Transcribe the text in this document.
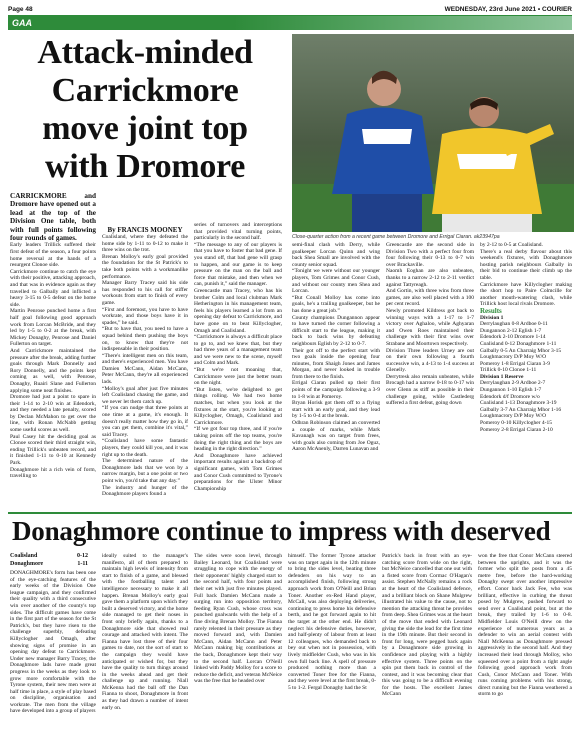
Page 48	WEDNESDAY, 23rd June 2021 • COURIER
GAA
Attack-minded Carrickmore move joint top with Dromore
Close-quarter action from a recent game between Dromore and Errigal Ciaran. ak23947pa

CARRICKMORE and Dromore have opened out a lead at the top of the Division One table, both with full points following four rounds of games.

Early leaders Trillick suffered their first defeat of the season, a four points home reversal at the hands of a resurgent Clonoe side.

Carrickmore continue to catch the eye with their positive, attacking approach, and that was in evidence again as they travelled to Galbally and inflicted a heavy 3-15 to 0-5 defeat on the home side.

Martin Penrose punched home a first half goal following good approach work from Lorcan McBride, and they led by 1-5 to 0-2 at the break, with Mickey Donaghy, Penrose and Daniel Fullerton on target.

And Carrickmore maintained the pressure after the break, adding further goals through Mark Donnelly and Rory Donnelly, and the points kept coming as well, with Penrose, Donaghy, Ruairi Slane and Fullerton applying some neat finishes.

Dromore had just a point to spare in their 1-14 to 2-10 win at Edendork, and they needed a late penalty, scored by Declan McMahon to get over the line, with Ronan McNabb getting some useful scores as well.

Paul Casey hit the deciding goal as Clonoe scored their third straight win, ending Trillick's unbeaten record, and it finished 1-11 to 0-10 at Kennedy Park.

Donaghmore hit a rich vein of form, travelling to

By FRANCIS MOONEY

Coalisland, where they defeated the home side by 1-11 to 0-12 to make it three wins on the trot.

Brenan Molloy's early goal provided the foundation for the St Patrick's to take both points with a workmanlike performance.

Manager Barry Tracey said his side has responded to his call for stiffer workouts from start to finish of every game.

“First and foremost, you have to have workrate, and those boys have it in spades,” he said.

“But to have that, you need to have a squad behind them pushing the boys on, to know that they're not indispensable in their position.

“There's intelligent men on this team, and there's experienced men. You have Damien McCann, Aidan McCann, Peter McCann, they're all experienced lads.

“Molloy's goal after just five minutes left Coalisland chasing the game, and we never let them catch up.

“If you can nudge that three points at one time at a game, it's enough. It doesn't really matter how they go in, if you can get them, combine it's vital,” said Tracey.

“Coalisland have some fantastic players, they could kill you, and it was right up to the death.

The determined nature of the Donaghmore lads that we won by a narrow margin, but a one point or two point win, you'd take that any day.”

The industry and hunger of the Donaghmore players found a

series of turnovers and interceptions that provided vital turning points, particularly in the second half.

“The message to any of our players is that you have to foster that bad gene. If you stand off, that bad gene will grasp to happen, and our game is to keep pressure on the man on the ball and force that mistake, and then when we can, punish it,” said the manager.

Greencastle man Tracey, who has his brother Colm and local clubman Mark Hetherington in his management team, feels his players learned a lot from an opening day defeat to Carrickmore, and have gone on to beat Killyclogher, Omagh and Coalisland.

“Carrickmore is always a difficult place to go to, and we knew that, but they had three years of a management team and we were new to the scene, myself and Colm and Mark.

“But we're not moaning that, Carrickmore were just the better team on the night.

“But listen, we're delighted to get things rolling. We had two home matches, but when you look at the fixtures at the start, you're looking at Killyclogher, Omagh, Coalisland and Carrickmore.

“If we got four top three, and if you're taking points off the top teams, you're doing the right thing and the boys are heading in the right direction.”

And Donaghmore have achieved important results against a backdrop of significant games, with Tom Grimes and Conor Cush committed to Tyrone's preparations for the Ulster Minor Championship

semi-final clash with Derry, while goalkeeper Lorcan Quinn and wing back Shea Small are involved with the county senior squad.

“Tonight we were without our younger players, Tom Grimes and Conor Cush, and without our county men Shea and Lorcan.

“But Conall Molloy has come into goals, he's a trailing goalkeeper, but he has done a great job.”

County champions Dungannon appear to have turned the corner following a difficult start to the league, making it back to back wins by defeating neighbours Eglish by 2-12 to 0-7.

Their got off to the perfect start with two goals inside the opening four minutes, from Shaigh Jones and James Morgan, and never looked in trouble from there to the finish.

Errigal Ciaran pulled up their first points of the campaign following a 3-9 to 1-8 win at Pomeroy.

Bryan Horisk got them off to a flying start with an early goal, and they lead by 1-5 to 0-4 at the break.

Odhran Robinson claimed an converted a couple of marks, while Mark Kavanagh was on target from frees, with goals also coming from Joe Oguz, Aaron McAnenly, Darren Lunavan and

Greencastle are the second side in Division Two with a perfect four from four following their 0-13 to 0-7 win over Brackaville.

Naomh Eoghan are also unbeaten, thanks to a narrow 2-12 to 2-11 verdict against Tattyreagh.

And Gortin, with three wins from three games, are also well placed with a 100 per cent record.

Newly promoted Kildress got back to winning ways with a 1-17 to 1-7 victory over Aghaloo, while Aghyaran and Owen Roes maintained their challenge with their first wins over Strabane and Moortown respectively.

Division Three leaders Urney are out on their own following a fourth successive win, a 4-13 to 1-4 success at Glenelly.

Derrytresk also remain unbeaten, while Brocagh had a narrow 0-18 to 0-17 win over Glenn as stiff as possible in their challenge going, while Castlederg suffered a first defeat, going down

by 2-12 to 0-5 at Coalisland.

There's a real derby flavour about this weekend's fixtures, with Donaghmore hosting parish neighbours Galbally in their bid to continue their climb up the table.

Carrickmore have Killyclogher making the short hop to Paire Colmcille for another mouth-watering clash, while Trillick host local rivals Dromore.

Results

Division 1

Derrylaughan 0-8 Ardboe 0-11

Dungannon 2-12 Eglish 1-7

Edendork 2-10 Dromore 1-14

Coalisland 0-12 Donaghmore 1-11

Galbally 0-5 An Charraig Mhor 3-15

Loughmacrory D/P Moy W/O

Pomeroy 1-8 Errigal Ciaran 3-9

Trillick 0-10 Clonoe 1-11

Division 1 Reserve

Derrylaughan 2-9 Ardboe 2-7

Dungannon 1-10 Eglish 1-7

Edendork d/f Dromore w/o

Coalisland 1-13 Donaghmore 3-19

Galbally 3-7 An Charraig Mhor 1-16

Loughmacrory D/P Moy W/O

Pomeroy 0-10 Killyclogher 4-15

Pomeroy 2-8 Errigal Ciaran 2-10

Donaghmore continue to impress with deserved
Coalisland	0-12
Donaghmore	1-11

DONAGHMORE's form has been one of the eye-catching features of the early weeks of the Division One league campaign, and they confirmed their quality with a third consecutive win over another of the county's top sides. The difficult games have come in the first part of the season for the St Patrick's, but they have risen to the challenge superbly, defeating Killyclogher and Omagh, after showing signs of promise in an opening day defeat to Carrickmore. Under new manager Barry Tracey, the Donaghmore lads have made great progress in the weeks as they look to grow more comfortable with the Tyrone system, their new men were at half time in place, a style of play based on discipline, organisation and workrate. The men from the village have developed into a group of players

ideally suited to the manager's manifesto, all of them prepared to maintain high levels of intensity from start to finish of a game, and blessed with the footballing talent and intelligence necessary to make it all happen. Brenan Molloy's early goal gave them a platform upon which they built a deserved victory, and the home side managed to get their noses in front only briefly again, thanks to a Donaghmore side that showed real courage and attacked with intent. The Fianna have lost three of their four games to date, not the sort of start to the campaign they would have anticipated or wished for, but they have the quality to turn things around in the weeks ahead and get their challenge up and running. Niall McKenna had the ball off the Dan Fianna to shoot, Donaghmore in front as they had drawn a number of intent early on.

The sides were soon level, through Bailey Leonard, but Coalisland were struggling to cope with the energy of their opponents' highly charged start to the second half, with four points and their net with just five minutes played. Full back Damien McCann made a surging run into opposition territory, feeding Ryan Cush, whose cross was punched goalwards with the help of a fine diving Brenan Molloy. The Fianna rarely relented in their pressure as they moved forward and, with Damien McCann, Aidan McCann and Peter McCann making big contributions at the back, Donaghmore kept their way to the second half. Lorcan O'Neill linked with Paddy Molloy for a score to reduce the deficit, and veteran McNeice was the free that he headed over

himself. The former Tyrone attacker was on target again in the 12th minute to bring the sides level, beating three defenders on his way to an accomplished finish, following strong approach work from O'Neill and Brian Toner. Another ex-Red Hand player, McCall, was also deploying deliveries, continuing to press home his defensive berth, and he got forward again to hit the target at the other end. He didn't neglect his defensive duties, however, and half-plenty of labour from at least 12 colleagues, who demanded back to bey out when not in possession, with lively midfielder Cush, who was in his own full back line. A spell of pressure produced nothing more than a converted Toner free for the Fianna, and they were level at the first break, 0-5 to 1-2. Fergal Donaghy had the St

Patrick's back in front with an eye-catching score from wide on the right, but McNeice cancelled that one out with a fisted score from Cormac O'Hagan's assist. Stephen McNally remains a rock at the heart of the Coalisland defence, and a brilliant block on Shane Mulgrew illustrated his value to the cause, not to mention the attacking threat he provides from deep. Shea Grimes was at the heart of the move that ended with Leonard giving the side the lead for the first time in the 19th minute. But their second in front for long, were pegged back again by a Donaghmore side growing in confidence and playing with a highly effective system. Three points on the spin put them back in control of the contest, and it was becoming clear that this was going to be a difficult evening for the hosts. The excellent James McCann

won the free that Conor McCann steered between the uprights, and it was the former who split the posts from a 45 metre free, before the hard-working Donaghy swept over another impressive effort. Conor back Jack Fee, who was brilliant, effective in curbing the threat posed by Mulgrew, pushed forward to send over a Coalisland point, but at the break, they trailed by 1-6 to 0-8. Midfielder Louis O'Neill drew on the experience of numerous years as a defender to win an aerial contest with Niall McKenna as Donaghmore pressed aggressively in the second half. And they increased their lead through Molloy, who squeezed over a point from a tight angle following good approach work from Cush, Conor McCann and Toner. With runs coming problems with his strong, direct running but the Fianna weathered a storm to go
